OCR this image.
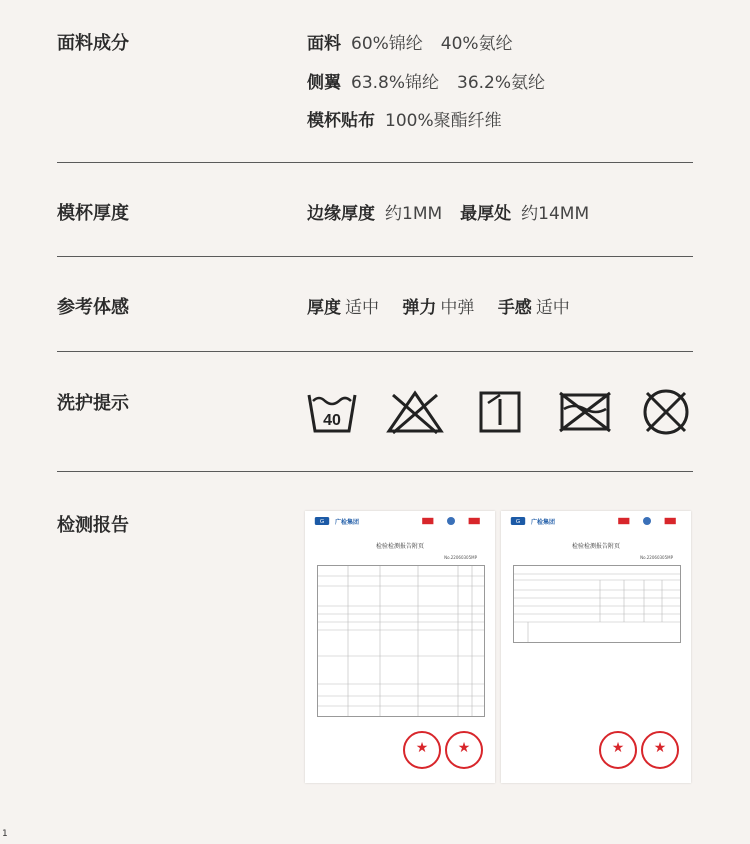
面料成分	面料 60%锦纶 40%氨纶
侧翼 63.8%锦纶 36.2%氨纶
模杯贴布 100%聚酯纤维
模杯厚度	边缘厚度 约1MM 最厚处 约14MM
参考体感	厚度 适中 弹力 中弹 手感 适中
洗护提示
40
检测报告	G 广检集团
检验检测报告附页
No.22060305MP
★	★
G 广检集团
检验检测报告附页
No.22060305MP
★	★
1
